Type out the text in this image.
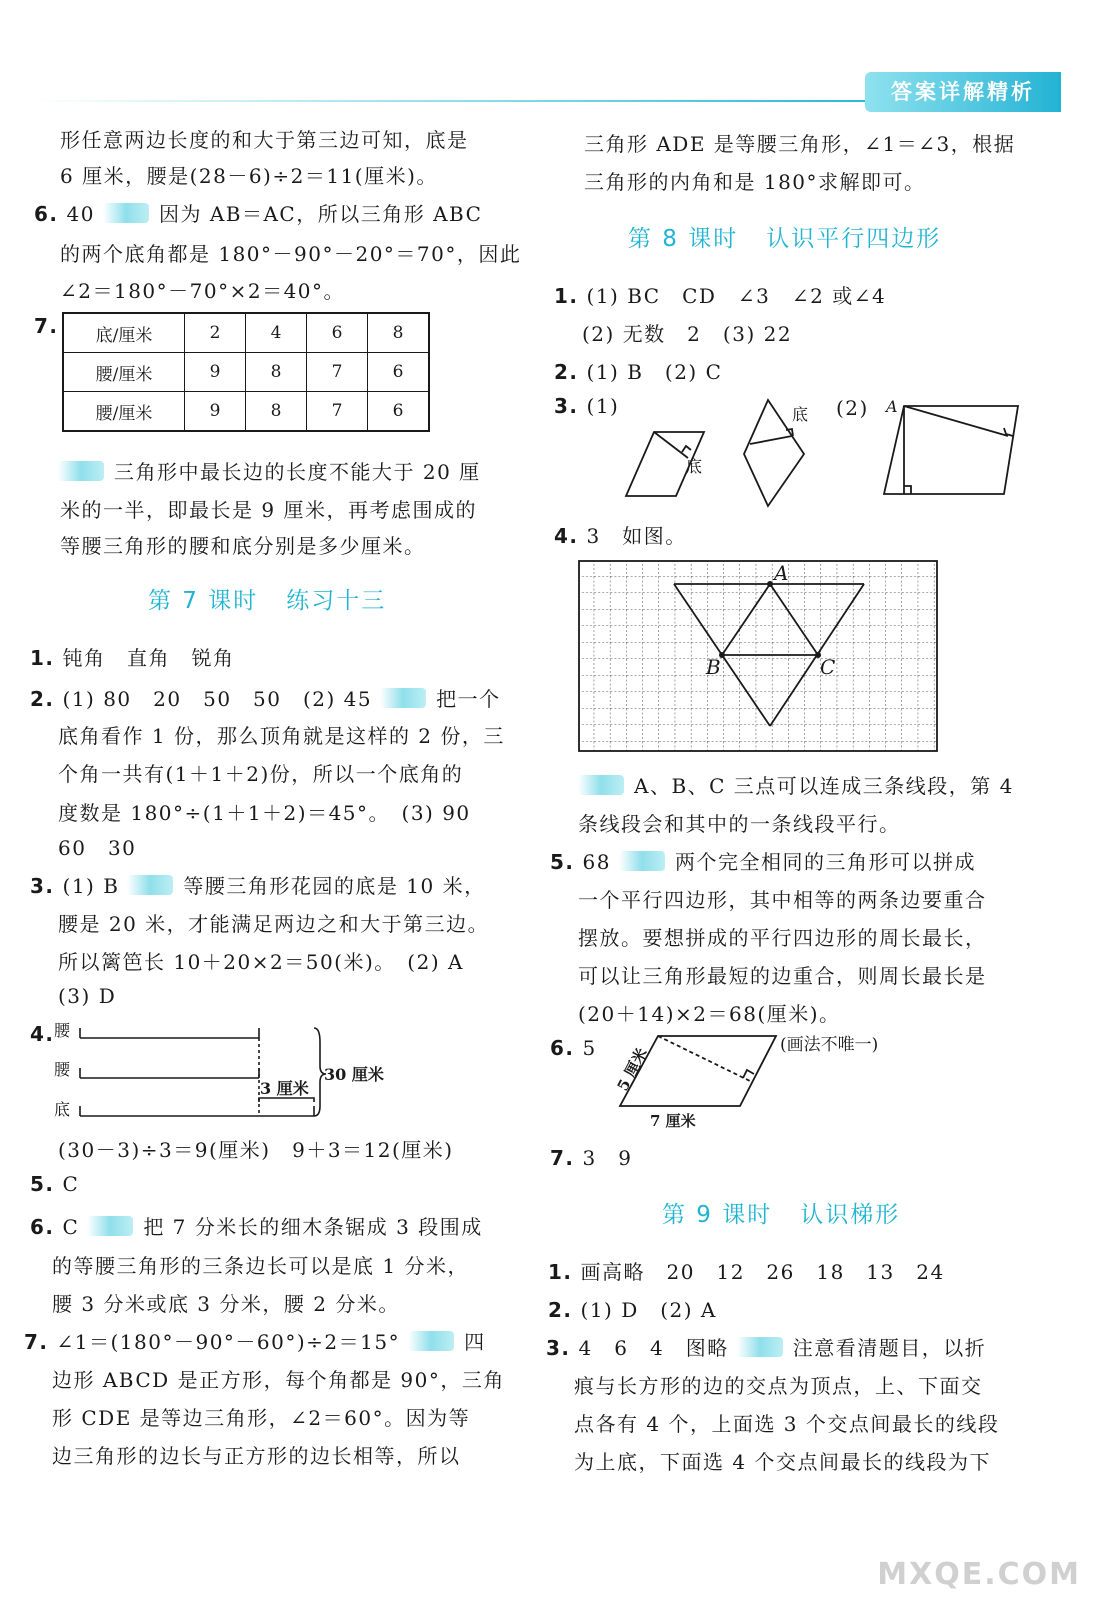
答案详解精析
形任意两边长度的和大于第三边可知，底是
6 厘米，腰是(28－6)÷2＝11(厘米)。
6. 40	因为 AB＝AC，所以三角形 ABC
的两个底角都是 180°－90°－20°＝70°，因此
∠2＝180°－70°×2＝40°。
7.	底/厘米	2	4	6	8
腰/厘米	9	8	7	6
腰/厘米	9	8	7	6
三角形中最长边的长度不能大于 20 厘
米的一半，即最长是 9 厘米，再考虑围成的
等腰三角形的腰和底分别是多少厘米。
第 7 课时 练习十三
1. 钝角　直角　锐角
2. (1) 80　20　50　50　(2) 45	把一个
底角看作 1 份，那么顶角就是这样的 2 份，三
个角一共有(1＋1＋2)份，所以一个底角的
度数是 180°÷(1＋1＋2)＝45°。　(3) 90
60　30
3. (1) B	等腰三角形花园的底是 10 米，
腰是 20 米，才能满足两边之和大于第三边。
所以篱笆长 10＋20×2＝50(米)。　(2) A
(3) D
4. 腰
腰
底
3 厘米
30 厘米
(30－3)÷3＝9(厘米)　9＋3＝12(厘米)
5. C
6. C	把 7 分米长的细木条锯成 3 段围成
的等腰三角形的三条边长可以是底 1 分米，
腰 3 分米或底 3 分米，腰 2 分米。
7. ∠1＝(180°－90°－60°)÷2＝15°	四
边形 ABCD 是正方形，每个角都是 90°，三角
形 CDE 是等边三角形，∠2＝60°。因为等
边三角形的边长与正方形的边长相等，所以
三角形 ADE 是等腰三角形，∠1＝∠3，根据
三角形的内角和是 180°求解即可。
第 8 课时 认识平行四边形
1. (1) BC　CD　∠3　∠2 或∠4
(2) 无数　2　(3) 22
2. (1) B　(2) C
3. (1)	(2)
底
底	A
4. 3　如图。
A
B	C
A、B、C 三点可以连成三条线段，第 4
条线段会和其中的一条线段平行。
5. 68	两个完全相同的三角形可以拼成
一个平行四边形，其中相等的两条边要重合
摆放。要想拼成的平行四边形的周长最长，
可以让三角形最短的边重合，则周长最长是
(20＋14)×2＝68(厘米)。
6. 5 5 厘米
7 厘米
(画法不唯一)
7. 3　9
第 9 课时 认识梯形
1. 画高略　20　12　26　18　13　24
2. (1) D　(2) A
3. 4　6　4　图略	注意看清题目，以折
痕与长方形的边的交点为顶点，上、下面交
点各有 4 个，上面选 3 个交点间最长的线段
为上底，下面选 4 个交点间最长的线段为下
MXQE.COM
